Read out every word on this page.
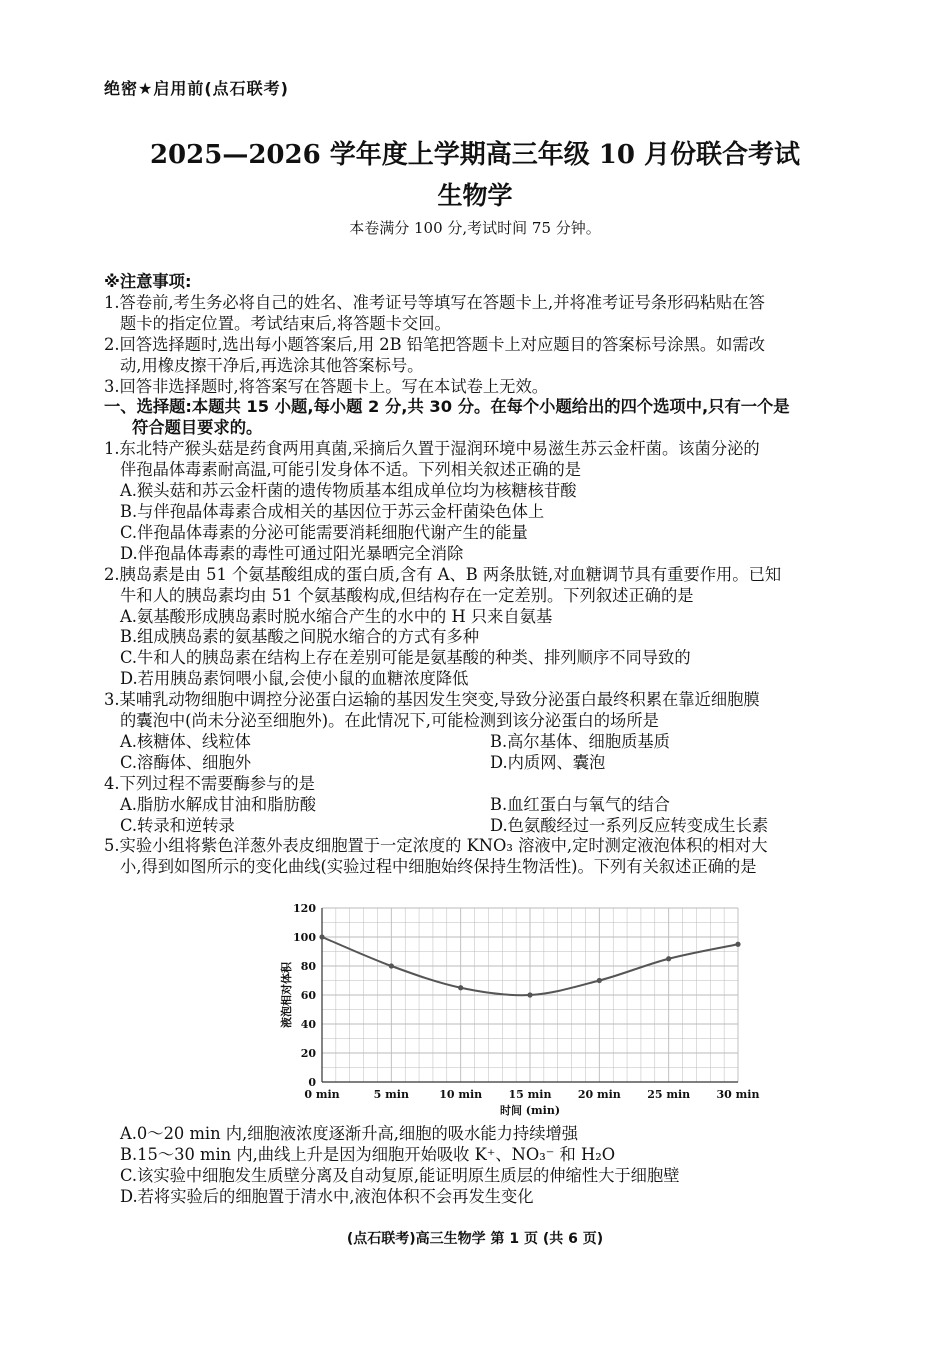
绝密★启用前(点石联考)
2025—2026 学年度上学期高三年级 10 月份联合考试
生物学
本卷满分 100 分,考试时间 75 分钟。
※注意事项:
1.答卷前,考生务必将自己的姓名、准考证号等填写在答题卡上,并将准考证号条形码粘贴在答
题卡的指定位置。考试结束后,将答题卡交回。
2.回答选择题时,选出每小题答案后,用 2B 铅笔把答题卡上对应题目的答案标号涂黑。如需改
动,用橡皮擦干净后,再选涂其他答案标号。
3.回答非选择题时,将答案写在答题卡上。写在本试卷上无效。
一、选择题:本题共 15 小题,每小题 2 分,共 30 分。在每个小题给出的四个选项中,只有一个是
符合题目要求的。
1.东北特产猴头菇是药食两用真菌,采摘后久置于湿润环境中易滋生苏云金杆菌。该菌分泌的
伴孢晶体毒素耐高温,可能引发身体不适。下列相关叙述正确的是
A.猴头菇和苏云金杆菌的遗传物质基本组成单位均为核糖核苷酸
B.与伴孢晶体毒素合成相关的基因位于苏云金杆菌染色体上
C.伴孢晶体毒素的分泌可能需要消耗细胞代谢产生的能量
D.伴孢晶体毒素的毒性可通过阳光暴晒完全消除
2.胰岛素是由 51 个氨基酸组成的蛋白质,含有 A、B 两条肽链,对血糖调节具有重要作用。已知
牛和人的胰岛素均由 51 个氨基酸构成,但结构存在一定差别。下列叙述正确的是
A.氨基酸形成胰岛素时脱水缩合产生的水中的 H 只来自氨基
B.组成胰岛素的氨基酸之间脱水缩合的方式有多种
C.牛和人的胰岛素在结构上存在差别可能是氨基酸的种类、排列顺序不同导致的
D.若用胰岛素饲喂小鼠,会使小鼠的血糖浓度降低
3.某哺乳动物细胞中调控分泌蛋白运输的基因发生突变,导致分泌蛋白最终积累在靠近细胞膜
的囊泡中(尚未分泌至细胞外)。在此情况下,可能检测到该分泌蛋白的场所是
A.核糖体、线粒体	B.高尔基体、细胞质基质
C.溶酶体、细胞外	D.内质网、囊泡
4.下列过程不需要酶参与的是
A.脂肪水解成甘油和脂肪酸	B.血红蛋白与氧气的结合
C.转录和逆转录	D.色氨酸经过一系列反应转变成生长素
5.实验小组将紫色洋葱外表皮细胞置于一定浓度的 KNO₃ 溶液中,定时测定液泡体积的相对大
小,得到如图所示的变化曲线(实验过程中细胞始终保持生物活性)。下列有关叙述正确的是
0
20
40
60
80
100
120
0 min	5 min	10 min 15 min 20 min 25 min 30 min
时间 (min)
液泡相对体积
A.0～20 min 内,细胞液浓度逐渐升高,细胞的吸水能力持续增强
B.15～30 min 内,曲线上升是因为细胞开始吸收 K⁺、NO₃⁻ 和 H₂O
C.该实验中细胞发生质壁分离及自动复原,能证明原生质层的伸缩性大于细胞壁
D.若将实验后的细胞置于清水中,液泡体积不会再发生变化
(点石联考)高三生物学 第 1 页 (共 6 页)
